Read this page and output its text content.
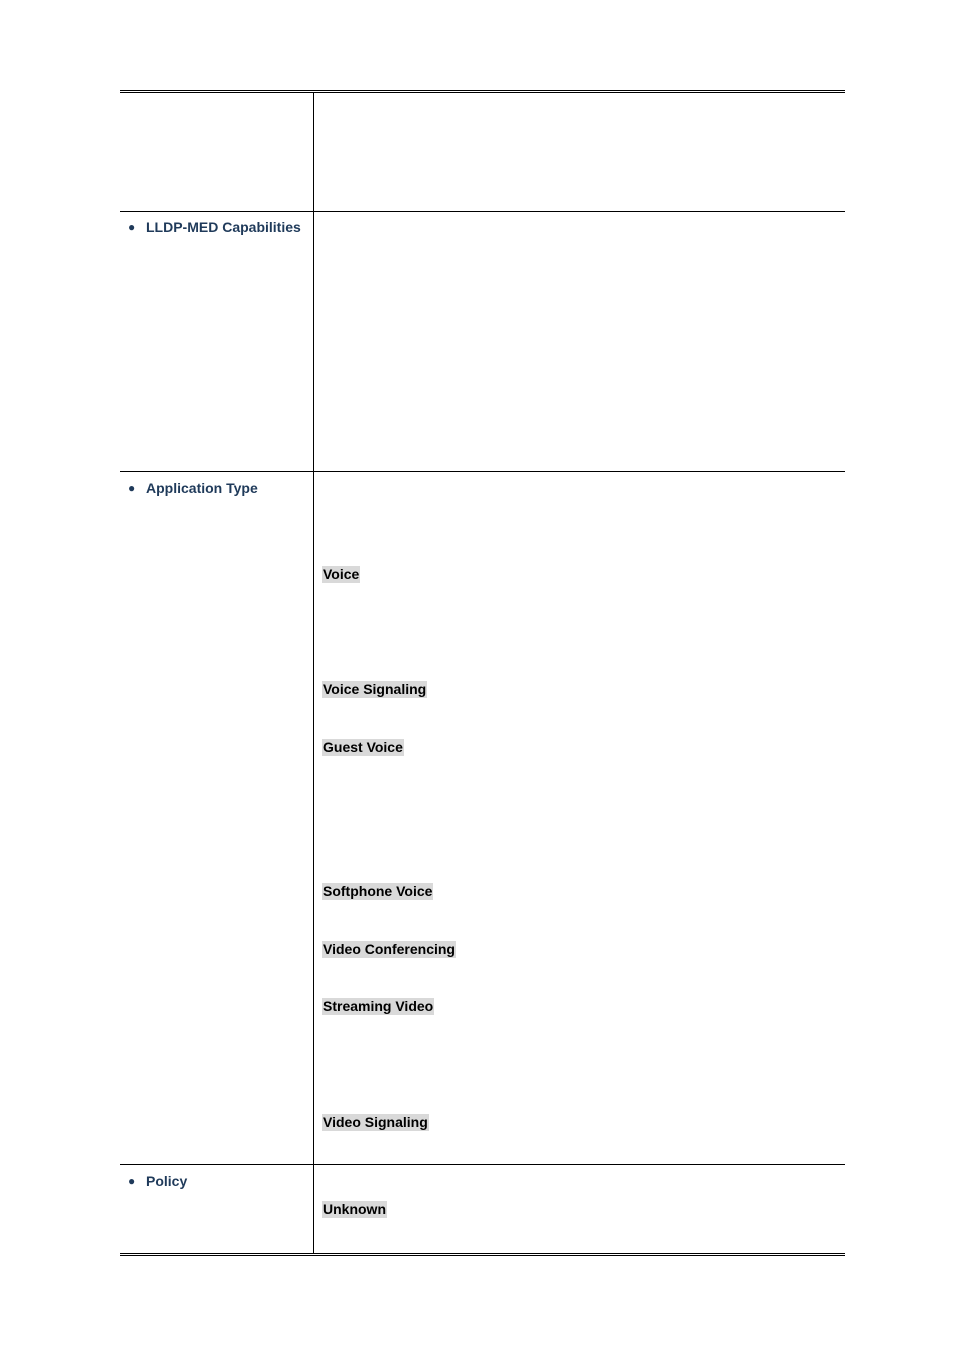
● LLDP-MED Capabilities
● Application Type
Voice
Voice Signaling
Guest Voice
Softphone Voice
Video Conferencing
Streaming Video
Video Signaling
● Policy
Unknown
